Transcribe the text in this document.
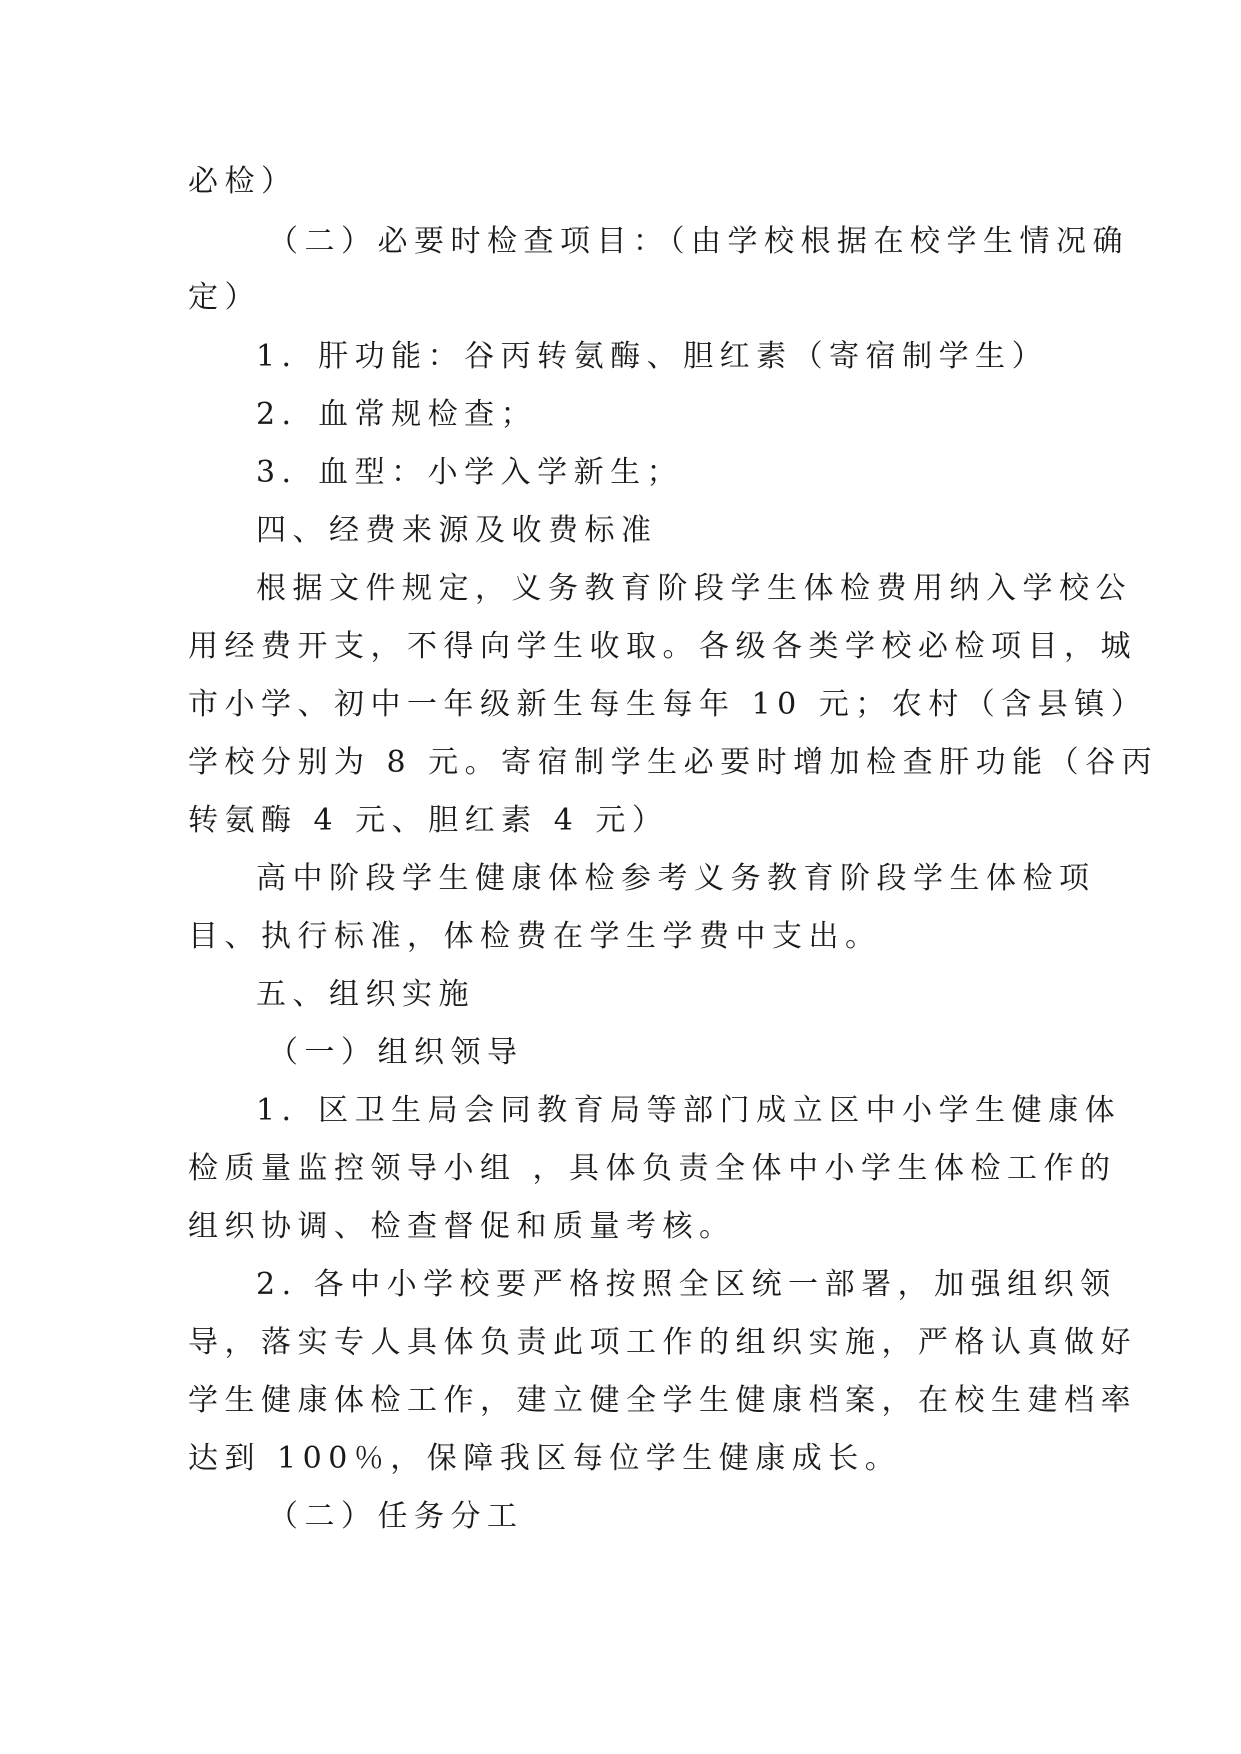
必检）
（二）必要时检查项目：（由学校根据在校学生情况确
定）
1．肝功能：谷丙转氨酶、胆红素（寄宿制学生）
2．血常规检查；
3．血型：小学入学新生；
四、经费来源及收费标准
根据文件规定，义务教育阶段学生体检费用纳入学校公
用经费开支，不得向学生收取。各级各类学校必检项目，城
市小学、初中一年级新生每生每年 10 元；农村（含县镇）
学校分别为 8 元。寄宿制学生必要时增加检查肝功能（谷丙
转氨酶 4 元、胆红素 4 元）
高中阶段学生健康体检参考义务教育阶段学生体检项
目、执行标准，体检费在学生学费中支出。
五、组织实施
（一）组织领导
1．区卫生局会同教育局等部门成立区中小学生健康体
检质量监控领导小组 ，具体负责全体中小学生体检工作的
组织协调、检查督促和质量考核。
2. 各中小学校要严格按照全区统一部署，加强组织领
导，落实专人具体负责此项工作的组织实施，严格认真做好
学生健康体检工作，建立健全学生健康档案，在校生建档率
达到 100％，保障我区每位学生健康成长。
（二）任务分工
